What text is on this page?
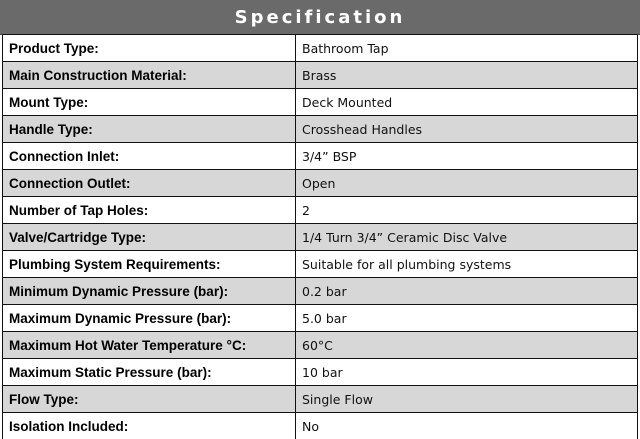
Specification
Product Type:	Bathroom Tap
Main Construction Material:	Brass
Mount Type:	Deck Mounted
Handle Type:	Crosshead Handles
Connection Inlet:	3/4” BSP
Connection Outlet:	Open
Number of Tap Holes:	2
Valve/Cartridge Type:	1/4 Turn 3/4” Ceramic Disc Valve
Plumbing System Requirements:	Suitable for all plumbing systems
Minimum Dynamic Pressure (bar):	0.2 bar
Maximum Dynamic Pressure (bar):	5.0 bar
Maximum Hot Water Temperature °C:	60°C
Maximum Static Pressure (bar):	10 bar
Flow Type:	Single Flow
Isolation Included:	No
